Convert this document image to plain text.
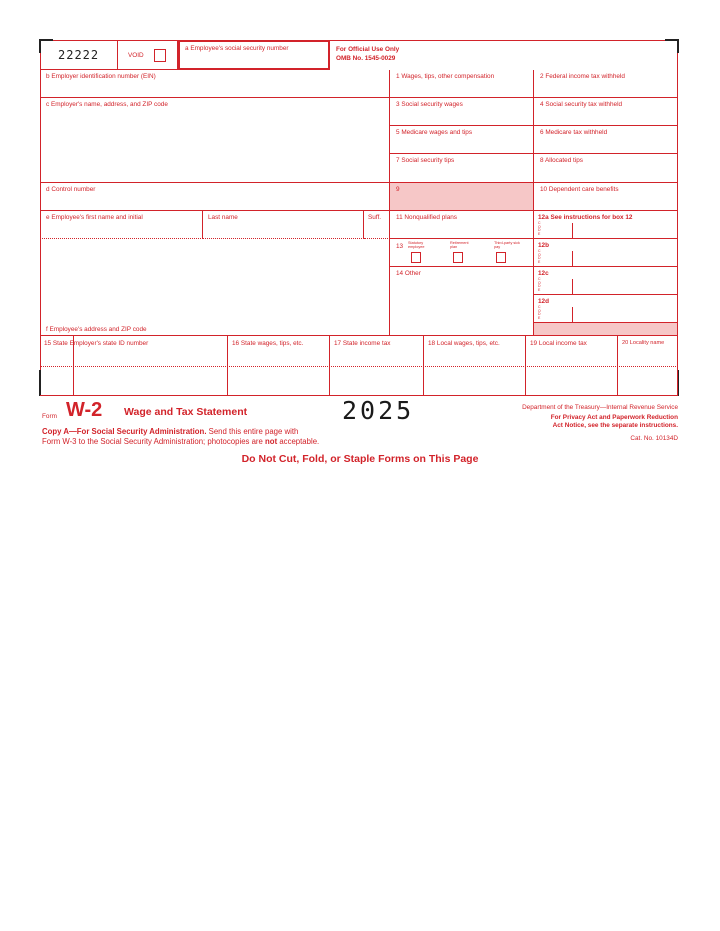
22222	VOID
a Employee's social security number	For Official Use Only
OMB No. 1545-0029
b Employer identification number (EIN)
c Employer's name, address, and ZIP code
d Control number
e Employee's first name and initial	Last name	Suff.
f Employee's address and ZIP code
1 Wages, tips, other compensation
3 Social security wages
5 Medicare wages and tips
7 Social security tips
9
11 Nonqualified plans
13 Statutory employee
Retirement plan
Third-party sick pay
14 Other
2 Federal income tax withheld
4 Social security tax withheld
6 Medicare tax withheld
8 Allocated tips
10 Dependent care benefits
12a See instructions for box 12
C O D E
12b
C O D E
12c
C O D E
12d
C O D E
15 State Employer's state ID number	16 State wages, tips, etc.	17 State income tax	18 Local wages, tips, etc.	19 Local income tax	20 Locality name
Form W-2 Wage and Tax Statement	2025	Department of the Treasury—Internal Revenue Service
For Privacy Act and Paperwork Reduction
Act Notice, see the separate instructions.
Cat. No. 10134D
Copy A—For Social Security Administration. Send this entire page with
Form W-3 to the Social Security Administration; photocopies are not acceptable.
Do Not Cut, Fold, or Staple Forms on This Page
